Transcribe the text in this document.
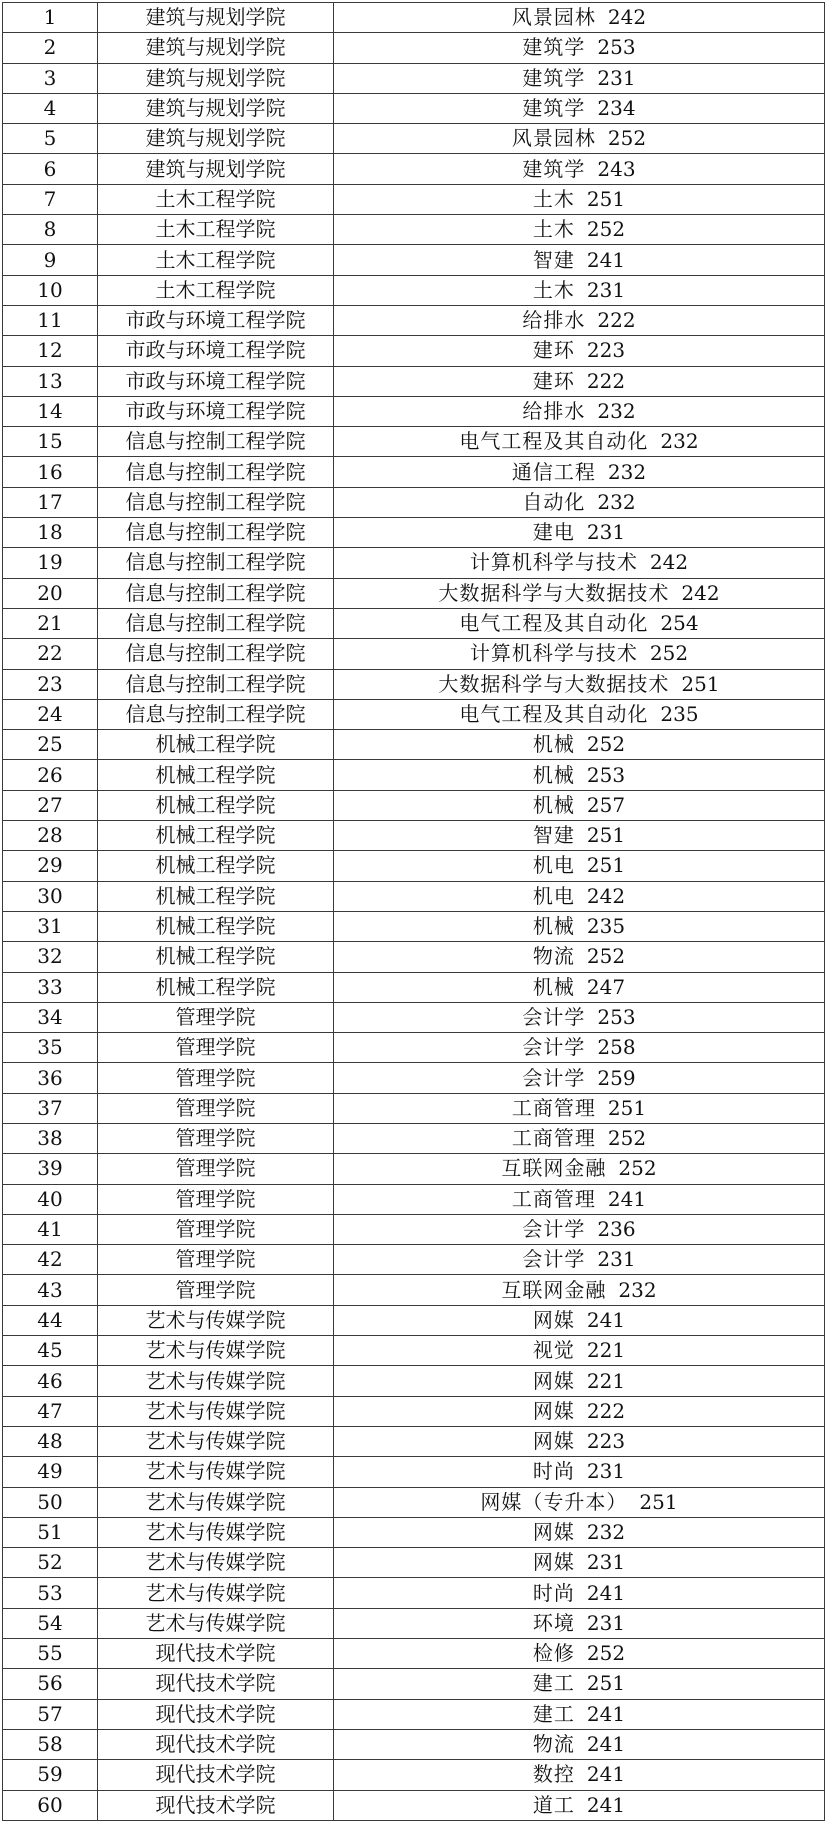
1	建筑与规划学院	风景园林 242
2	建筑与规划学院	建筑学 253
3	建筑与规划学院	建筑学 231
4	建筑与规划学院	建筑学 234
5	建筑与规划学院	风景园林 252
6	建筑与规划学院	建筑学 243
7	土木工程学院	土木 251
8	土木工程学院	土木 252
9	土木工程学院	智建 241
10	土木工程学院	土木 231
11	市政与环境工程学院	给排水 222
12	市政与环境工程学院	建环 223
13	市政与环境工程学院	建环 222
14	市政与环境工程学院	给排水 232
15	信息与控制工程学院	电气工程及其自动化 232
16	信息与控制工程学院	通信工程 232
17	信息与控制工程学院	自动化 232
18	信息与控制工程学院	建电 231
19	信息与控制工程学院	计算机科学与技术 242
20	信息与控制工程学院	大数据科学与大数据技术 242
21	信息与控制工程学院	电气工程及其自动化 254
22	信息与控制工程学院	计算机科学与技术 252
23	信息与控制工程学院	大数据科学与大数据技术 251
24	信息与控制工程学院	电气工程及其自动化 235
25	机械工程学院	机械 252
26	机械工程学院	机械 253
27	机械工程学院	机械 257
28	机械工程学院	智建 251
29	机械工程学院	机电 251
30	机械工程学院	机电 242
31	机械工程学院	机械 235
32	机械工程学院	物流 252
33	机械工程学院	机械 247
34	管理学院	会计学 253
35	管理学院	会计学 258
36	管理学院	会计学 259
37	管理学院	工商管理 251
38	管理学院	工商管理 252
39	管理学院	互联网金融 252
40	管理学院	工商管理 241
41	管理学院	会计学 236
42	管理学院	会计学 231
43	管理学院	互联网金融 232
44	艺术与传媒学院	网媒 241
45	艺术与传媒学院	视觉 221
46	艺术与传媒学院	网媒 221
47	艺术与传媒学院	网媒 222
48	艺术与传媒学院	网媒 223
49	艺术与传媒学院	时尚 231
50	艺术与传媒学院	网媒（专升本） 251
51	艺术与传媒学院	网媒 232
52	艺术与传媒学院	网媒 231
53	艺术与传媒学院	时尚 241
54	艺术与传媒学院	环境 231
55	现代技术学院	检修 252
56	现代技术学院	建工 251
57	现代技术学院	建工 241
58	现代技术学院	物流 241
59	现代技术学院	数控 241
60	现代技术学院	道工 241
